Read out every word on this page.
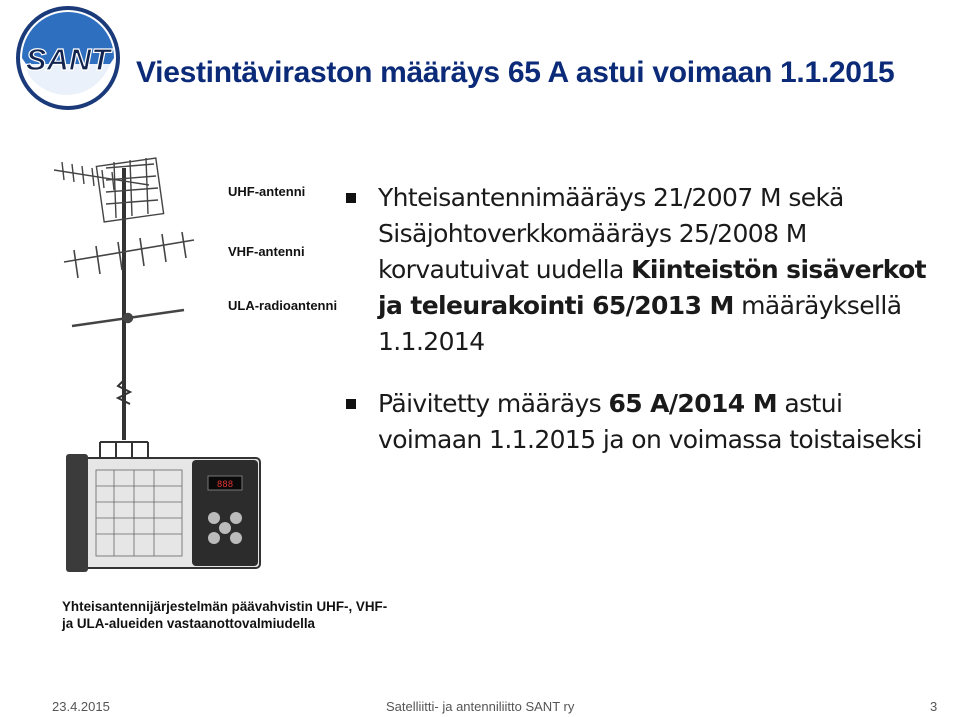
SANT Viestintäviraston määräys 65 A astui voimaan 1.1.2015
888
UHF-antenni
VHF-antenni
ULA-radioantenni
Yhteisantennijärjestelmän päävahvistin UHF-, VHF- ja ULA-alueiden vastaanottovalmiudella
Yhteisantennimääräys 21/2007 M sekä Sisäjohtoverkkomääräys 25/2008 M korvautuivat uudella Kiinteistön sisäverkot ja teleurakointi 65/2013 M määräyksellä 1.1.2014
Päivitetty määräys 65 A/2014 M astui voimaan 1.1.2015 ja on voimassa toistaiseksi
23.4.2015	Satelliitti- ja antenniliitto SANT ry	3
